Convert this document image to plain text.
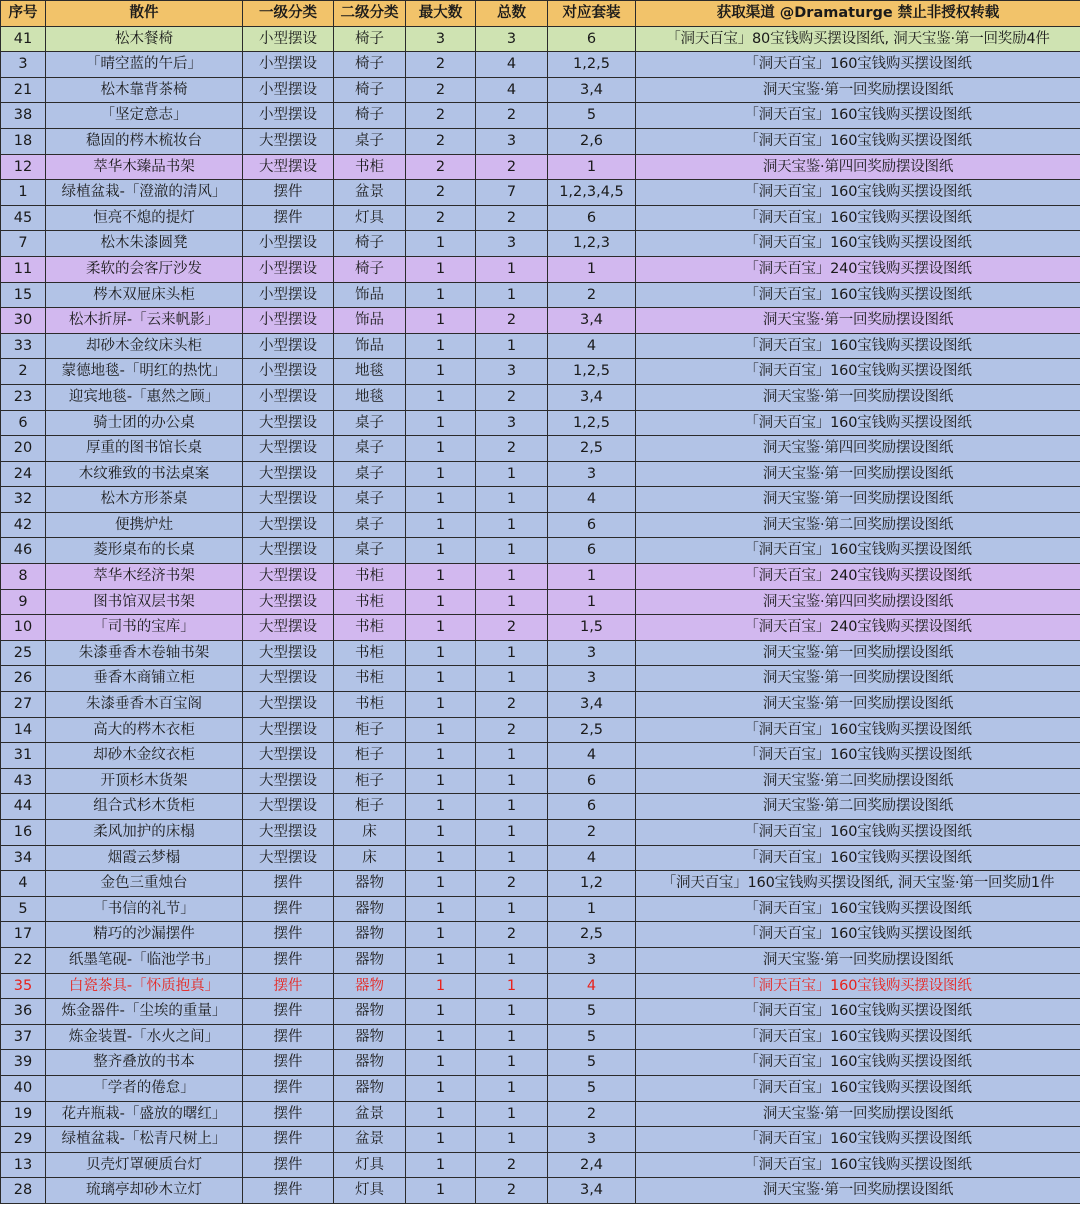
序号	散件	一级分类	二级分类	最大数	总数	对应套装	获取渠道 @Dramaturge 禁止非授权转载
41	松木餐椅	小型摆设	椅子	3	3	6	「洞天百宝」80宝钱购买摆设图纸, 洞天宝鉴·第一回奖励4件
3	「晴空蓝的午后」	小型摆设	椅子	2	4	1,2,5	「洞天百宝」160宝钱购买摆设图纸
21	松木靠背茶椅	小型摆设	椅子	2	4	3,4	洞天宝鉴·第一回奖励摆设图纸
38	「坚定意志」	小型摆设	椅子	2	2	5	「洞天百宝」160宝钱购买摆设图纸
18	稳固的梣木梳妆台	大型摆设	桌子	2	3	2,6	「洞天百宝」160宝钱购买摆设图纸
12	萃华木臻品书架	大型摆设	书柜	2	2	1	洞天宝鉴·第四回奖励摆设图纸
1	绿植盆栽-「澄澈的清风」	摆件	盆景	2	7	1,2,3,4,5	「洞天百宝」160宝钱购买摆设图纸
45	恒亮不熄的提灯	摆件	灯具	2	2	6	「洞天百宝」160宝钱购买摆设图纸
7	松木朱漆圆凳	小型摆设	椅子	1	3	1,2,3	「洞天百宝」160宝钱购买摆设图纸
11	柔软的会客厅沙发	小型摆设	椅子	1	1	1	「洞天百宝」240宝钱购买摆设图纸
15	梣木双屉床头柜	小型摆设	饰品	1	1	2	「洞天百宝」160宝钱购买摆设图纸
30	松木折屏-「云来帆影」	小型摆设	饰品	1	2	3,4	洞天宝鉴·第一回奖励摆设图纸
33	却砂木金纹床头柜	小型摆设	饰品	1	1	4	「洞天百宝」160宝钱购买摆设图纸
2	蒙德地毯-「明红的热忱」	小型摆设	地毯	1	3	1,2,5	「洞天百宝」160宝钱购买摆设图纸
23	迎宾地毯-「惠然之顾」	小型摆设	地毯	1	2	3,4	洞天宝鉴·第一回奖励摆设图纸
6	骑士团的办公桌	大型摆设	桌子	1	3	1,2,5	「洞天百宝」160宝钱购买摆设图纸
20	厚重的图书馆长桌	大型摆设	桌子	1	2	2,5	洞天宝鉴·第四回奖励摆设图纸
24	木纹雅致的书法桌案	大型摆设	桌子	1	1	3	洞天宝鉴·第一回奖励摆设图纸
32	松木方形茶桌	大型摆设	桌子	1	1	4	洞天宝鉴·第一回奖励摆设图纸
42	便携炉灶	大型摆设	桌子	1	1	6	洞天宝鉴·第二回奖励摆设图纸
46	菱形桌布的长桌	大型摆设	桌子	1	1	6	「洞天百宝」160宝钱购买摆设图纸
8	萃华木经济书架	大型摆设	书柜	1	1	1	「洞天百宝」240宝钱购买摆设图纸
9	图书馆双层书架	大型摆设	书柜	1	1	1	洞天宝鉴·第四回奖励摆设图纸
10	「司书的宝库」	大型摆设	书柜	1	2	1,5	「洞天百宝」240宝钱购买摆设图纸
25	朱漆垂香木卷轴书架	大型摆设	书柜	1	1	3	洞天宝鉴·第一回奖励摆设图纸
26	垂香木商铺立柜	大型摆设	书柜	1	1	3	洞天宝鉴·第一回奖励摆设图纸
27	朱漆垂香木百宝阁	大型摆设	书柜	1	2	3,4	洞天宝鉴·第一回奖励摆设图纸
14	高大的梣木衣柜	大型摆设	柜子	1	2	2,5	「洞天百宝」160宝钱购买摆设图纸
31	却砂木金纹衣柜	大型摆设	柜子	1	1	4	「洞天百宝」160宝钱购买摆设图纸
43	开顶杉木货架	大型摆设	柜子	1	1	6	洞天宝鉴·第二回奖励摆设图纸
44	组合式杉木货柜	大型摆设	柜子	1	1	6	洞天宝鉴·第二回奖励摆设图纸
16	柔风加护的床榻	大型摆设	床	1	1	2	「洞天百宝」160宝钱购买摆设图纸
34	烟霞云梦榻	大型摆设	床	1	1	4	「洞天百宝」160宝钱购买摆设图纸
4	金色三重烛台	摆件	器物	1	2	1,2	「洞天百宝」160宝钱购买摆设图纸, 洞天宝鉴·第一回奖励1件
5	「书信的礼节」	摆件	器物	1	1	1	「洞天百宝」160宝钱购买摆设图纸
17	精巧的沙漏摆件	摆件	器物	1	2	2,5	「洞天百宝」160宝钱购买摆设图纸
22	纸墨笔砚-「临池学书」	摆件	器物	1	1	3	洞天宝鉴·第一回奖励摆设图纸
35	白瓷茶具-「怀质抱真」	摆件	器物	1	1	4	「洞天百宝」160宝钱购买摆设图纸
36	炼金器件-「尘埃的重量」	摆件	器物	1	1	5	「洞天百宝」160宝钱购买摆设图纸
37	炼金装置-「水火之间」	摆件	器物	1	1	5	「洞天百宝」160宝钱购买摆设图纸
39	整齐叠放的书本	摆件	器物	1	1	5	「洞天百宝」160宝钱购买摆设图纸
40	「学者的倦怠」	摆件	器物	1	1	5	「洞天百宝」160宝钱购买摆设图纸
19	花卉瓶栽-「盛放的曙红」	摆件	盆景	1	1	2	洞天宝鉴·第一回奖励摆设图纸
29	绿植盆栽-「松青尺树上」	摆件	盆景	1	1	3	「洞天百宝」160宝钱购买摆设图纸
13	贝壳灯罩硬质台灯	摆件	灯具	1	2	2,4	「洞天百宝」160宝钱购买摆设图纸
28	琉璃亭却砂木立灯	摆件	灯具	1	2	3,4	洞天宝鉴·第一回奖励摆设图纸
